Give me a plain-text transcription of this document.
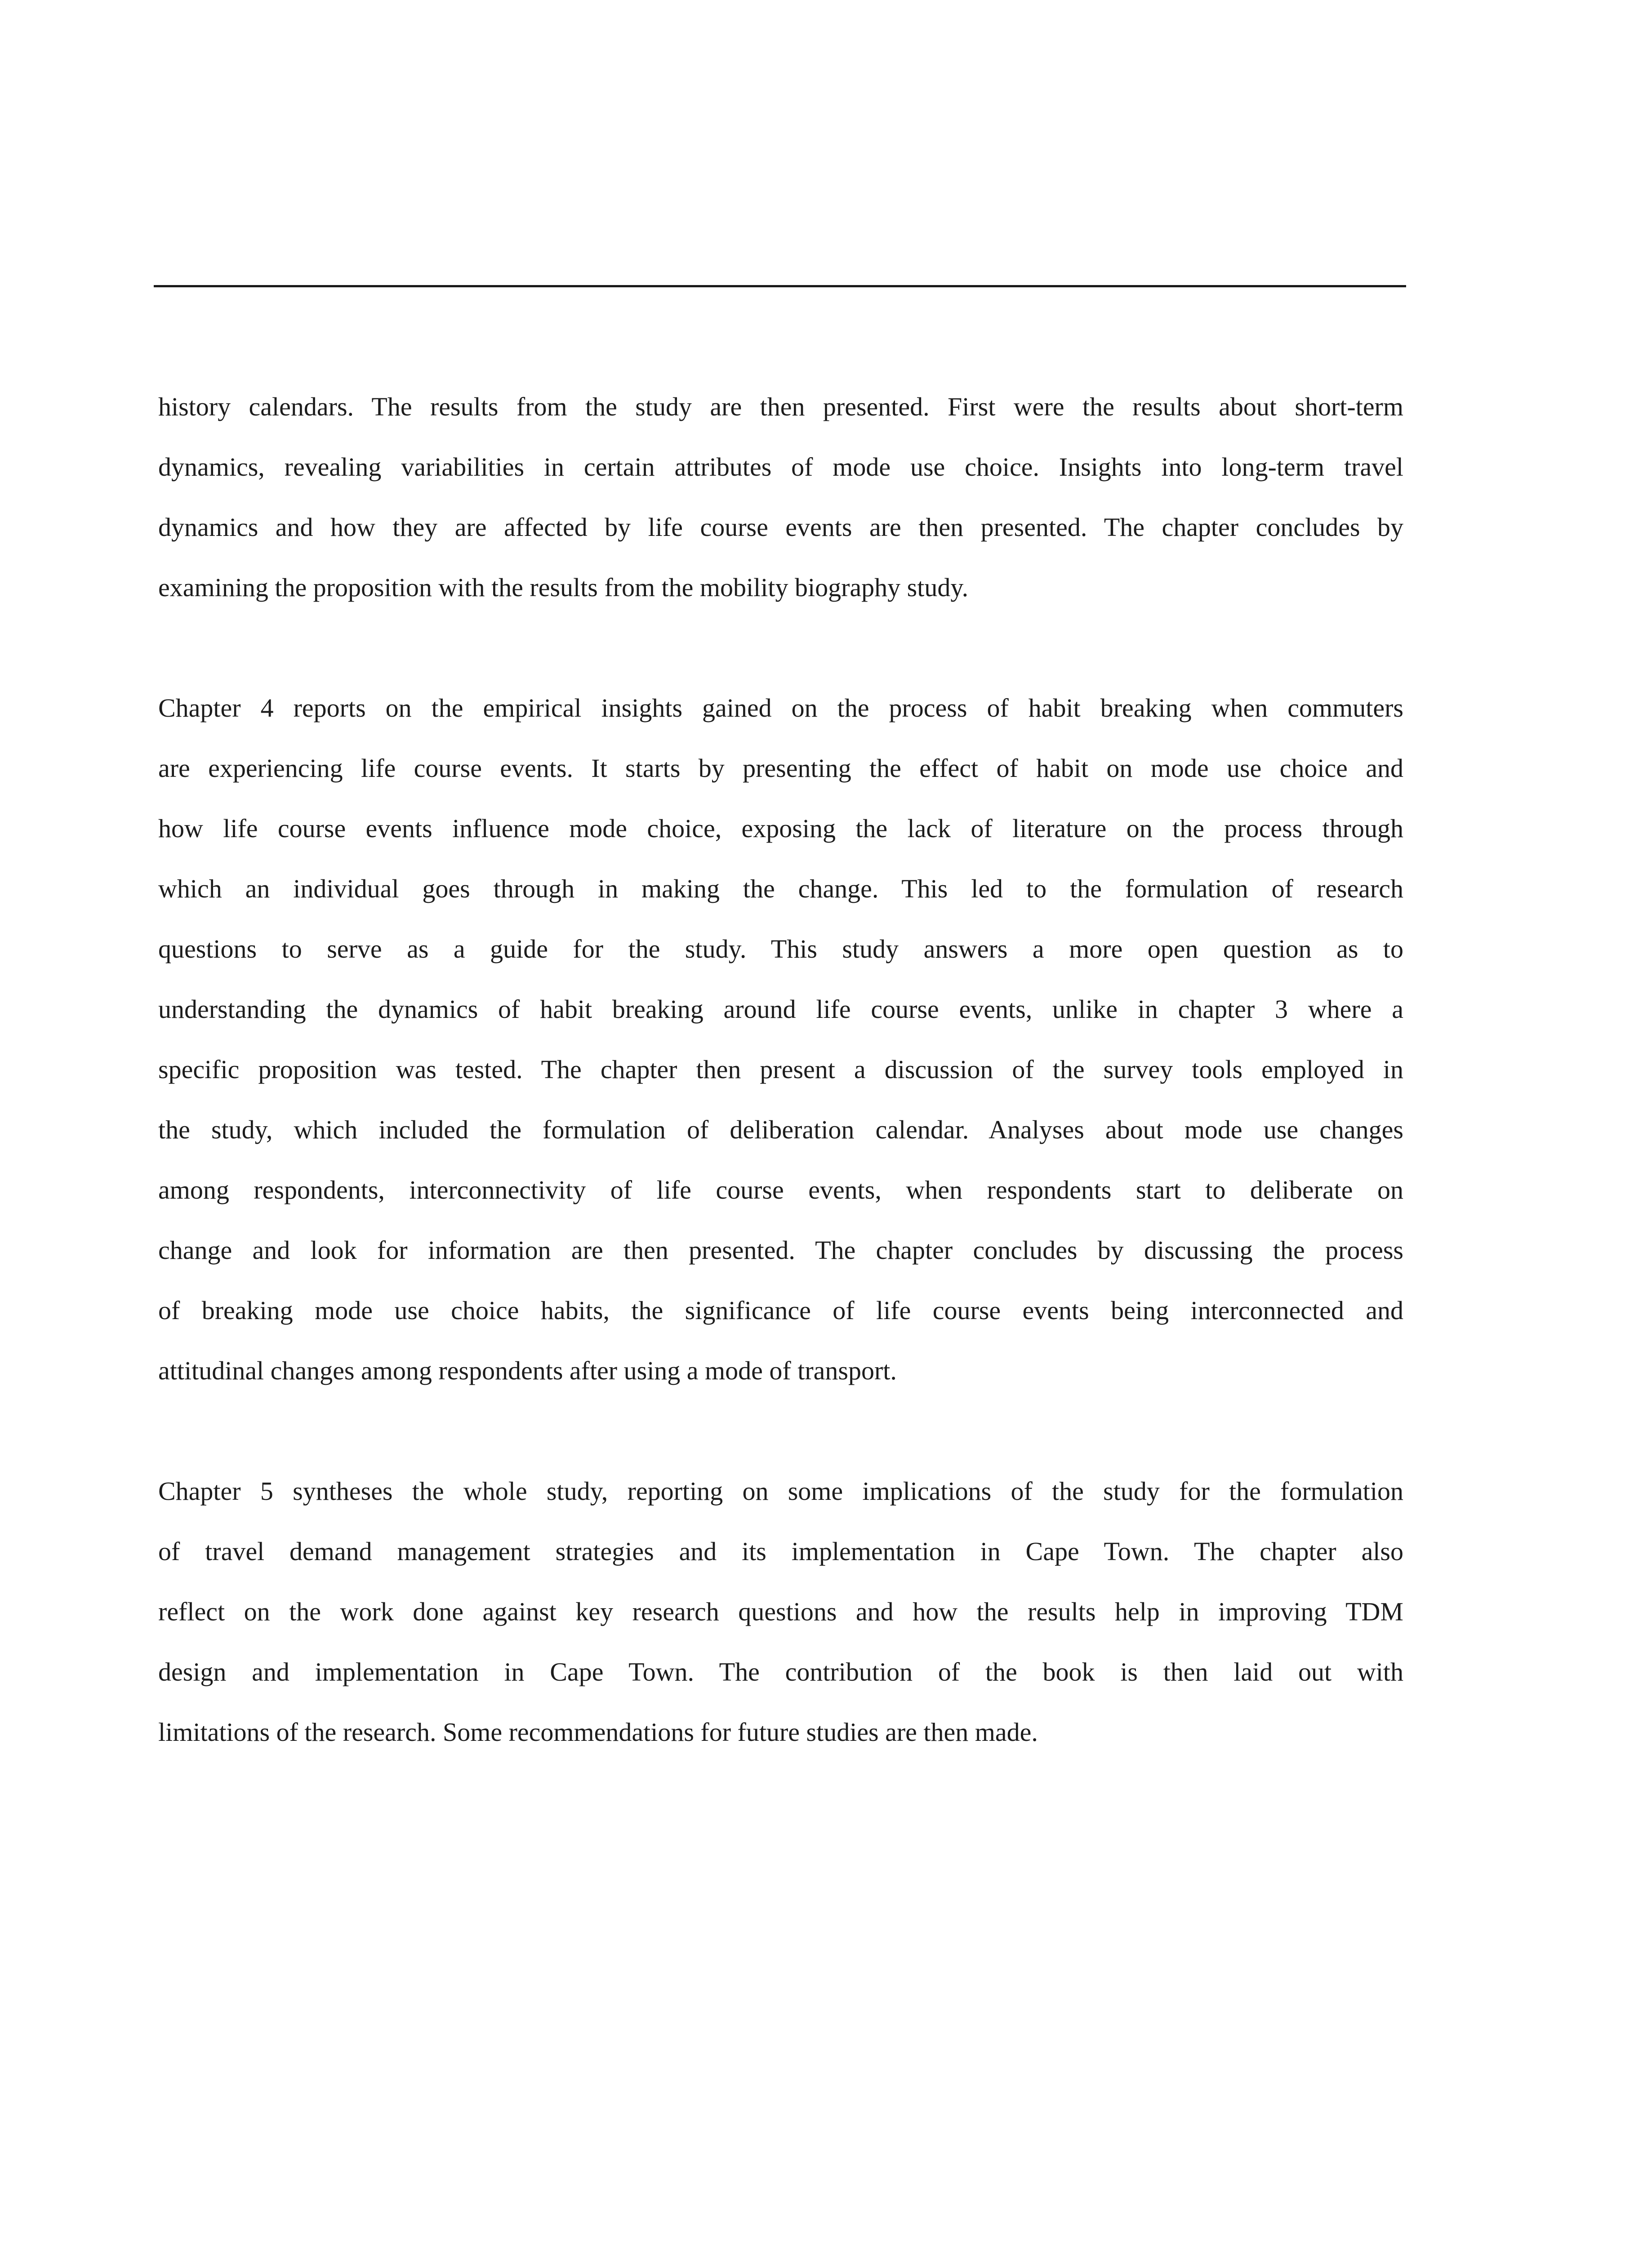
history calendars. The results from the study are then presented. First were the results about short-term
dynamics, revealing variabilities in certain attributes of mode use choice. Insights into long-term travel
dynamics and how they are affected by life course events are then presented. The chapter concludes by
examining the proposition with the results from the mobility biography study.
Chapter 4 reports on the empirical insights gained on the process of habit breaking when commuters
are experiencing life course events. It starts by presenting the effect of habit on mode use choice and
how life course events influence mode choice, exposing the lack of literature on the process through
which an individual goes through in making the change. This led to the formulation of research
questions to serve as a guide for the study. This study answers a more open question as to
understanding the dynamics of habit breaking around life course events, unlike in chapter 3 where a
specific proposition was tested. The chapter then present a discussion of the survey tools employed in
the study, which included the formulation of deliberation calendar. Analyses about mode use changes
among respondents, interconnectivity of life course events, when respondents start to deliberate on
change and look for information are then presented. The chapter concludes by discussing the process
of breaking mode use choice habits, the significance of life course events being interconnected and
attitudinal changes among respondents after using a mode of transport.
Chapter 5 syntheses the whole study, reporting on some implications of the study for the formulation
of travel demand management strategies and its implementation in Cape Town. The chapter also
reflect on the work done against key research questions and how the results help in improving TDM
design and implementation in Cape Town. The contribution of the book is then laid out with
limitations of the research. Some recommendations for future studies are then made.
